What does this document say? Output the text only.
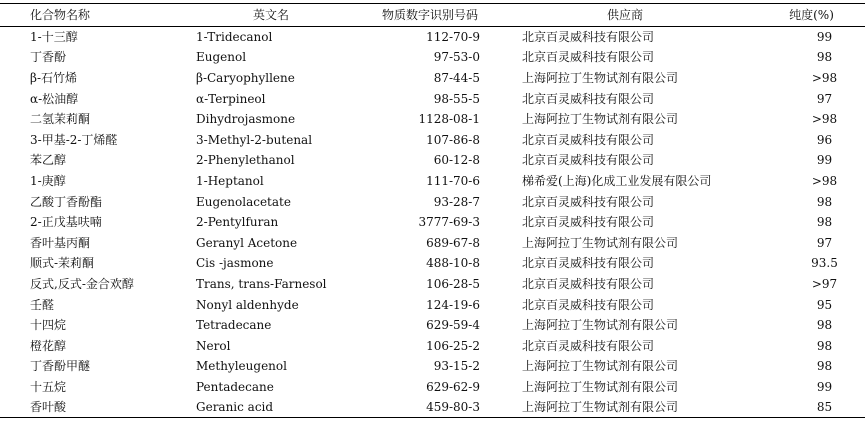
化合物名称	英文名	物质数字识别号码	供应商	纯度(%)
1-十三醇	1-Tridecanol	112-70-9	北京百灵威科技有限公司	99
丁香酚	Eugenol	97-53-0	北京百灵威科技有限公司	98
β-石竹烯	β-Caryophyllene	87-44-5	上海阿拉丁生物试剂有限公司	>98
α-松油醇	α-Terpineol	98-55-5	北京百灵威科技有限公司	97
二氢茉莉酮	Dihydrojasmone	1128-08-1	上海阿拉丁生物试剂有限公司	>98
3-甲基-2-丁烯醛	3-Methyl-2-butenal	107-86-8	北京百灵威科技有限公司	96
苯乙醇	2-Phenylethanol	60-12-8	北京百灵威科技有限公司	99
1-庚醇	1-Heptanol	111-70-6	梯希爱(上海)化成工业发展有限公司	>98
乙酸丁香酚酯	Eugenolacetate	93-28-7	北京百灵威科技有限公司	98
2-正戊基呋喃	2-Pentylfuran	3777-69-3	北京百灵威科技有限公司	98
香叶基丙酮	Geranyl Acetone	689-67-8	上海阿拉丁生物试剂有限公司	97
顺式-茉莉酮	Cis -jasmone	488-10-8	北京百灵威科技有限公司	93.5
反式,反式-金合欢醇	Trans, trans-Farnesol	106-28-5	北京百灵威科技有限公司	>97
壬醛	Nonyl aldenhyde	124-19-6	北京百灵威科技有限公司	95
十四烷	Tetradecane	629-59-4	上海阿拉丁生物试剂有限公司	98
橙花醇	Nerol	106-25-2	北京百灵威科技有限公司	98
丁香酚甲醚	Methyleugenol	93-15-2	上海阿拉丁生物试剂有限公司	98
十五烷	Pentadecane	629-62-9	上海阿拉丁生物试剂有限公司	99
香叶酸	Geranic acid	459-80-3	上海阿拉丁生物试剂有限公司	85
